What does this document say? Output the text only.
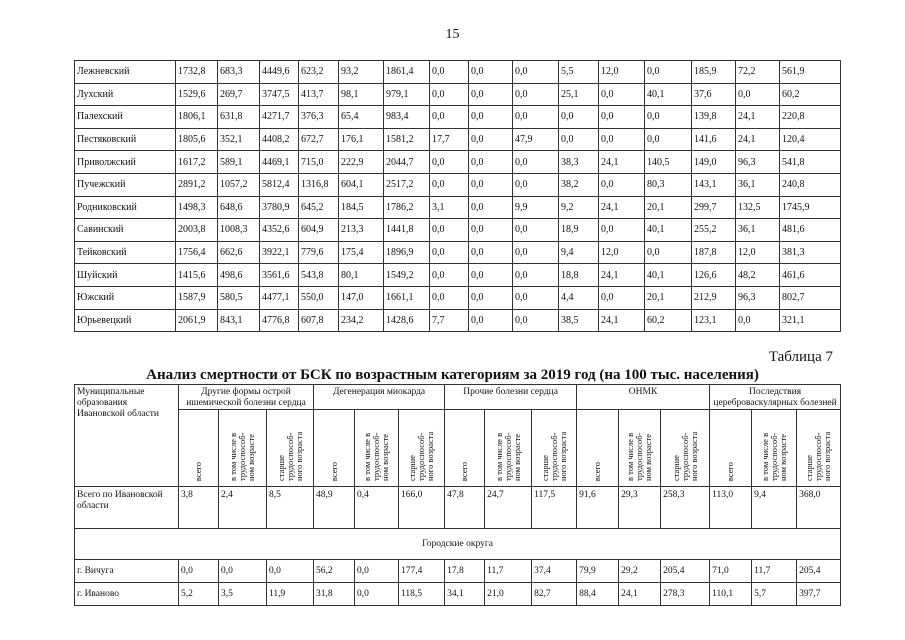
15
Лежневский	1732,8	683,3	4449,6	623,2	93,2	1861,4	0,0	0,0	0,0	5,5	12,0	0,0	185,9	72,2	561,9
Лухский	1529,6	269,7	3747,5	413,7	98,1	979,1	0,0	0,0	0,0	25,1	0,0	40,1	37,6	0,0	60,2
Палехский	1806,1	631,8	4271,7	376,3	65,4	983,4	0,0	0,0	0,0	0,0	0,0	0,0	139,8	24,1	220,8
Пестяковский	1805,6	352,1	4408,2	672,7	176,1	1581,2	17,7	0,0	47,9	0,0	0,0	0,0	141,6	24,1	120,4
Приволжский	1617,2	589,1	4469,1	715,0	222,9	2044,7	0,0	0,0	0,0	38,3	24,1	140,5	149,0	96,3	541,8
Пучежский	2891,2	1057,2	5812,4	1316,8	604,1	2517,2	0,0	0,0	0,0	38,2	0,0	80,3	143,1	36,1	240,8
Родниковский	1498,3	648,6	3780,9	645,2	184,5	1786,2	3,1	0,0	9,9	9,2	24,1	20,1	299,7	132,5	1745,9
Савинский	2003,8	1008,3	4352,6	604,9	213,3	1441,8	0,0	0,0	0,0	18,9	0,0	40,1	255,2	36,1	481,6
Тейковский	1756,4	662,6	3922,1	779,6	175,4	1896,9	0,0	0,0	0,0	9,4	12,0	0,0	187,8	12,0	381,3
Шуйский	1415,6	498,6	3561,6	543,8	80,1	1549,2	0,0	0,0	0,0	18,8	24,1	40,1	126,6	48,2	461,6
Южский	1587,9	580,5	4477,1	550,0	147,0	1661,1	0,0	0,0	0,0	4,4	0,0	20,1	212,9	96,3	802,7
Юрьевецкий	2061,9	843,1	4776,8	607,8	234,2	1428,6	7,7	0,0	0,0	38,5	24,1	60,2	123,1	0,0	321,1
Таблица 7
Анализ смертности от БСК по возрастным категориям за 2019 год (на 100 тыс. населения)
Муниципальные образования Ивановской области	Другие формы острой ишемической болезни сердца			Дегенерация миокарда			Прочие болезни сердца			ОНМК			Последствия цереброваскулярных болезней		
	всего	в том числе в трудоспособ-ном возрасте	старше трудоспособ-ного возраста	всего	в том числе в трудоспособ-ном возрасте	старше трудоспособ-ного возраста	всего	в том числе в трудоспособ-ном возрасте	старше трудоспособ-ного возраста	всего	в том числе в трудоспособ-ном возрасте	старше трудоспособ-ного возраста	всего	в том числе в трудоспособ-ном возрасте	старше трудоспособ-ного возраста
Всего по Ивановской области	3,8	2,4	8,5	48,9	0,4	166,0	47,8	24,7	117,5	91,6	29,3	258,3	113,0	9,4	368,0
Городские округа															
г. Вичуга	0,0	0,0	0,0	56,2	0,0	177,4	17,8	11,7	37,4	79,9	29,2	205,4	71,0	11,7	205,4
г. Иваново	5,2	3,5	11,9	31,8	0,0	118,5	34,1	21,0	82,7	88,4	24,1	278,3	110,1	5,7	397,7
